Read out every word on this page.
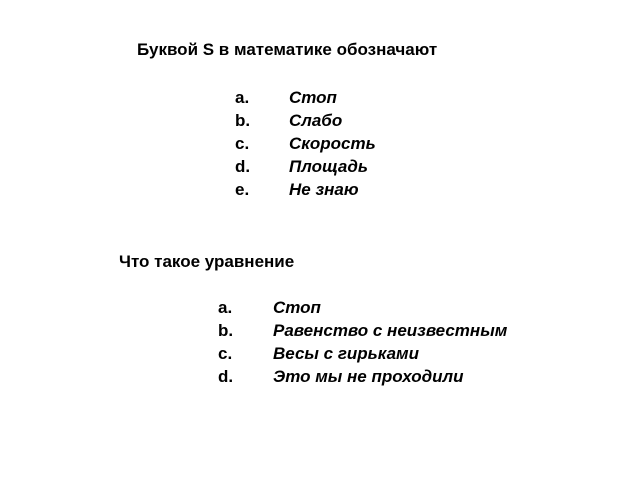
Буквой S в математике обозначают
a. Стоп
b. Слабо
c. Скорость
d. Площадь
e. Не знаю
Что такое уравнение
a. Стоп
b. Равенство с неизвестным
c. Весы с гирьками
d. Это мы не проходили
